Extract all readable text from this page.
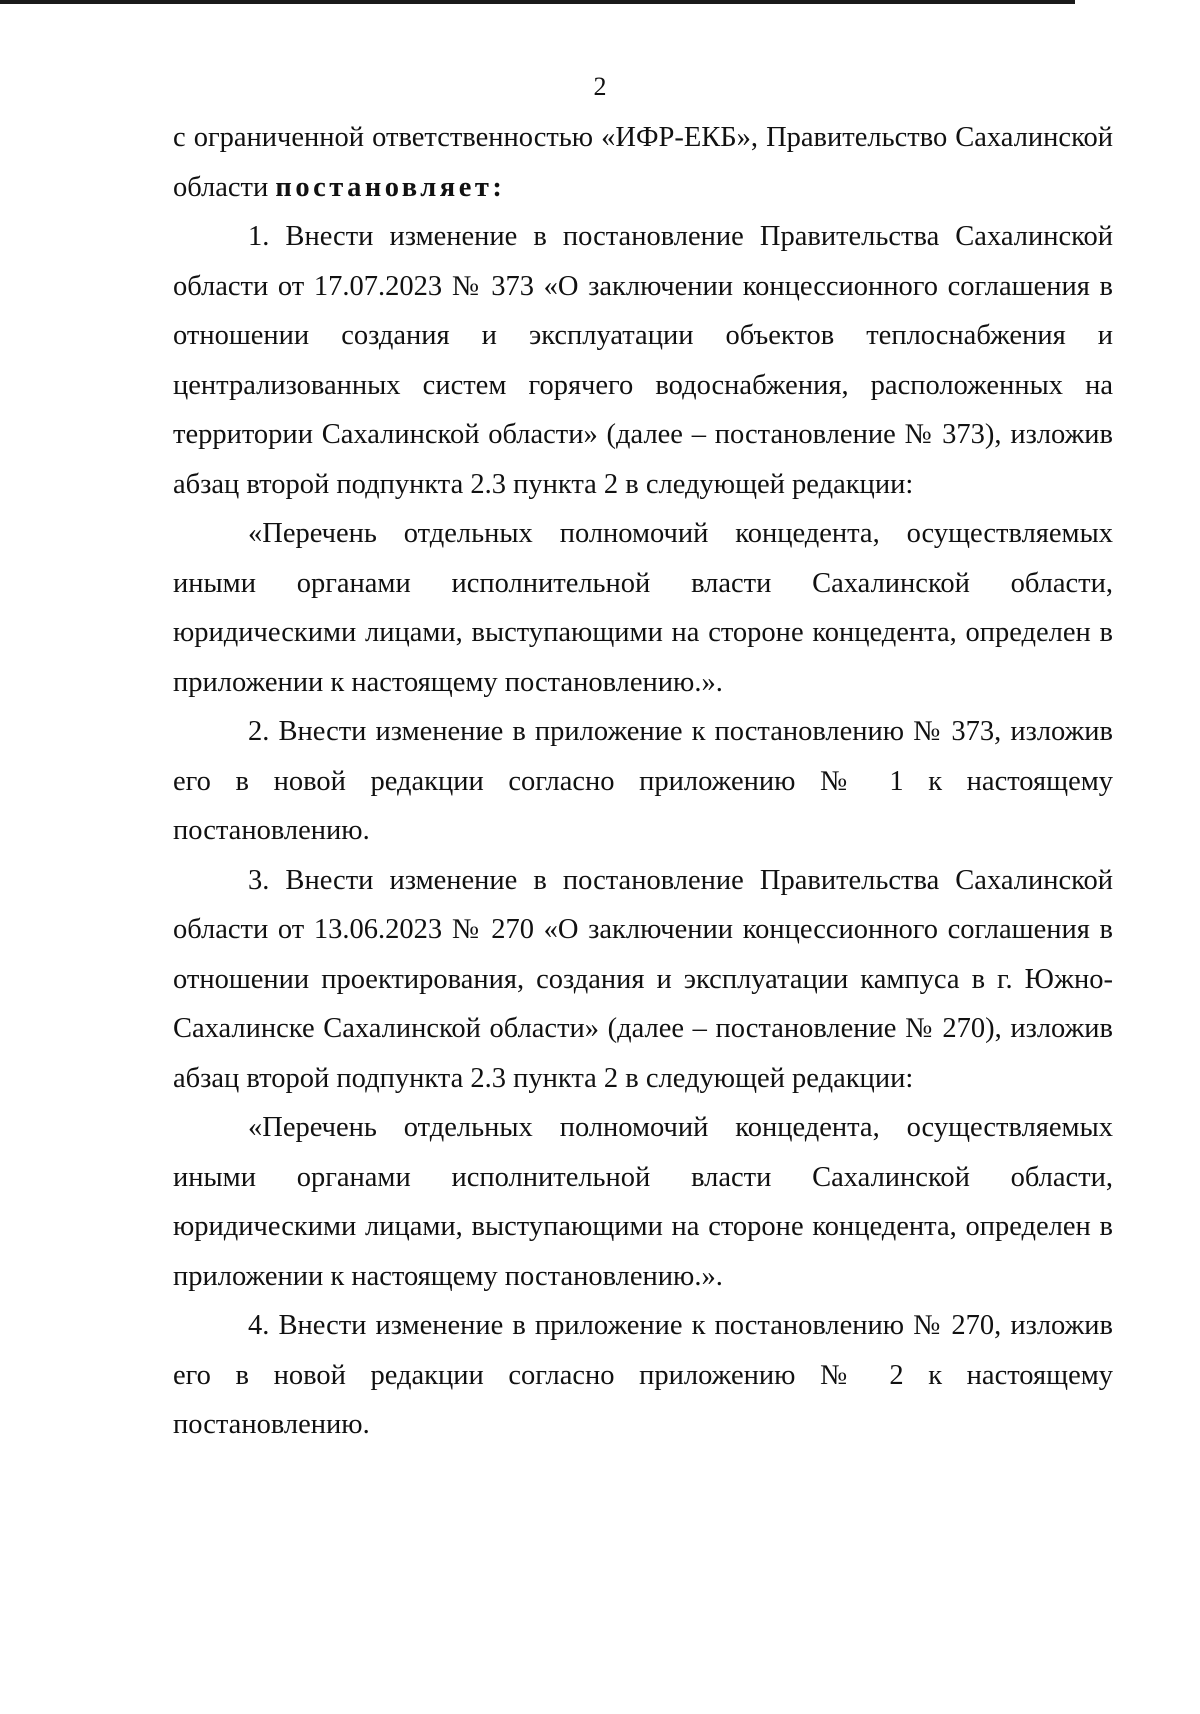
2

с ограниченной ответственностью «ИФР-ЕКБ», Правительство Сахалинской области постановляет:

1. Внести изменение в постановление Правительства Сахалинской области от 17.07.2023 № 373 «О заключении концессионного соглашения в отношении создания и эксплуатации объектов теплоснабжения и централизованных систем горячего водоснабжения, расположенных на территории Сахалинской области» (далее – постановление № 373), изложив абзац второй подпункта 2.3 пункта 2 в следующей редакции:

«Перечень отдельных полномочий концедента, осуществляемых иными органами исполнительной власти Сахалинской области, юридическими лицами, выступающими на стороне концедента, определен в приложении к настоящему постановлению.».

2. Внести изменение в приложение к постановлению № 373, изложив его в новой редакции согласно приложению № 1 к настоящему постановлению.

3. Внести изменение в постановление Правительства Сахалинской области от 13.06.2023 № 270 «О заключении концессионного соглашения в отношении проектирования, создания и эксплуатации кампуса в г. Южно-Сахалинске Сахалинской области» (далее – постановление № 270), изложив абзац второй подпункта 2.3 пункта 2 в следующей редакции:

«Перечень отдельных полномочий концедента, осуществляемых иными органами исполнительной власти Сахалинской области, юридическими лицами, выступающими на стороне концедента, определен в приложении к настоящему постановлению.».

4. Внести изменение в приложение к постановлению № 270, изложив его в новой редакции согласно приложению № 2 к настоящему постановлению.
